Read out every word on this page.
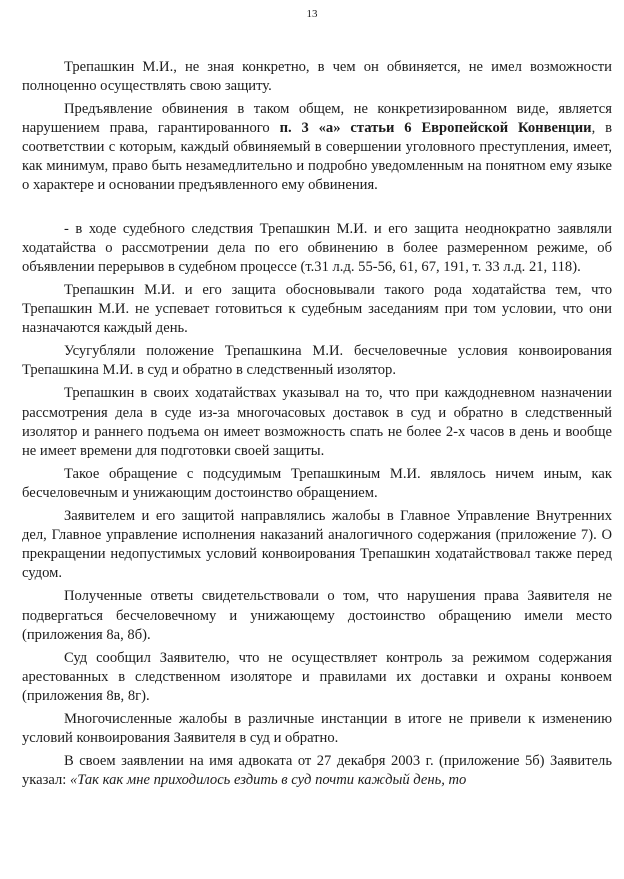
13

Трепашкин М.И., не зная конкретно, в чем он обвиняется, не имел возможности полноценно осуществлять свою защиту.

Предъявление обвинения в таком общем, не конкретизированном виде, является нарушением права, гарантированного п. 3 «а» статьи 6 Европейской Конвенции, в соответствии с которым, каждый обвиняемый в совершении уголовного преступления, имеет, как минимум, право быть незамедлительно и подробно уведомленным на понятном ему языке о характере и основании предъявленного ему обвинения.

- в ходе судебного следствия Трепашкин М.И. и его защита неоднократно заявляли ходатайства о рассмотрении дела по его обвинению в более размеренном режиме, об объявлении перерывов в судебном процессе (т.31 л.д. 55-56, 61, 67, 191, т. 33 л.д. 21, 118).

Трепашкин М.И. и его защита обосновывали такого рода ходатайства тем, что Трепашкин М.И. не успевает готовиться к судебным заседаниям при том условии, что они назначаются каждый день.

Усугубляли положение Трепашкина М.И. бесчеловечные условия конвоирования Трепашкина М.И. в суд и обратно в следственный изолятор.

Трепашкин в своих ходатайствах указывал на то, что при каждодневном назначении рассмотрения дела в суде из-за многочасовых доставок в суд и обратно в следственный изолятор и раннего подъема он имеет возможность спать не более 2-х часов в день и вообще не имеет времени для подготовки своей защиты.

Такое обращение с подсудимым Трепашкиным М.И. являлось ничем иным, как бесчеловечным и унижающим достоинство обращением.

Заявителем и его защитой направлялись жалобы в Главное Управление Внутренних дел, Главное управление исполнения наказаний аналогичного содержания (приложение 7). О прекращении недопустимых условий конвоирования Трепашкин ходатайствовал также перед судом.

Полученные ответы свидетельствовали о том, что нарушения права Заявителя не подвергаться бесчеловечному и унижающему достоинство обращению имели место (приложения 8а, 8б).

Суд сообщил Заявителю, что не осуществляет контроль за режимом содержания арестованных в следственном изоляторе и правилами их доставки и охраны конвоем (приложения 8в, 8г).

Многочисленные жалобы в различные инстанции в итоге не привели к изменению условий конвоирования Заявителя в суд и обратно.

В своем заявлении на имя адвоката от 27 декабря 2003 г. (приложение 5б) Заявитель указал: «Так как мне приходилось ездить в суд почти каждый день, то
